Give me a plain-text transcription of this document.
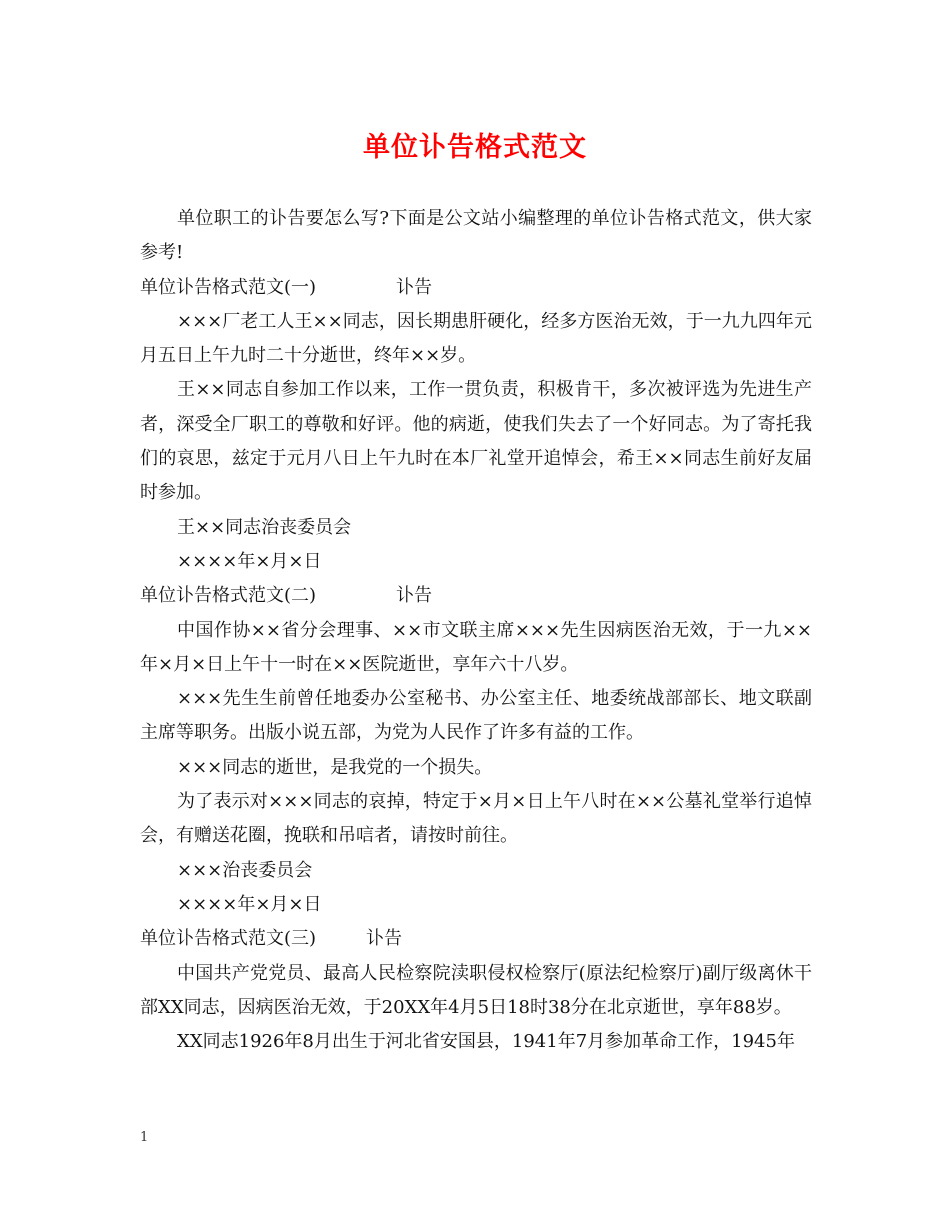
单位讣告格式范文

单位职工的讣告要怎么写?下面是公文站小编整理的单位讣告格式范文，供大家参考!

单位讣告格式范文(一)	讣告

×××厂老工人王××同志，因长期患肝硬化，经多方医治无效，于一九九四年元月五日上午九时二十分逝世，终年××岁。

王××同志自参加工作以来，工作一贯负责，积极肯干，多次被评选为先进生产者，深受全厂职工的尊敬和好评。他的病逝，使我们失去了一个好同志。为了寄托我们的哀思，兹定于元月八日上午九时在本厂礼堂开追悼会，希王××同志生前好友届时参加。

王××同志治丧委员会

××××年×月×日

单位讣告格式范文(二)	讣告

中国作协××省分会理事、××市文联主席×××先生因病医治无效，于一九××年×月×日上午十一时在××医院逝世，享年六十八岁。

×××先生生前曾任地委办公室秘书、办公室主任、地委统战部部长、地文联副主席等职务。出版小说五部，为党为人民作了许多有益的工作。

×××同志的逝世，是我党的一个损失。

为了表示对×××同志的哀掉，特定于×月×日上午八时在××公墓礼堂举行追悼会，有赠送花圈，挽联和吊唁者，请按时前往。

×××治丧委员会

××××年×月×日

单位讣告格式范文(三)	讣告

中国共产党党员、最高人民检察院渎职侵权检察厅(原法纪检察厅)副厅级离休干部XX同志，因病医治无效，于20XX年4月5日18时38分在北京逝世，享年88岁。

XX同志1926年8月出生于河北省安国县，1941年7月参加革命工作，1945年

1
